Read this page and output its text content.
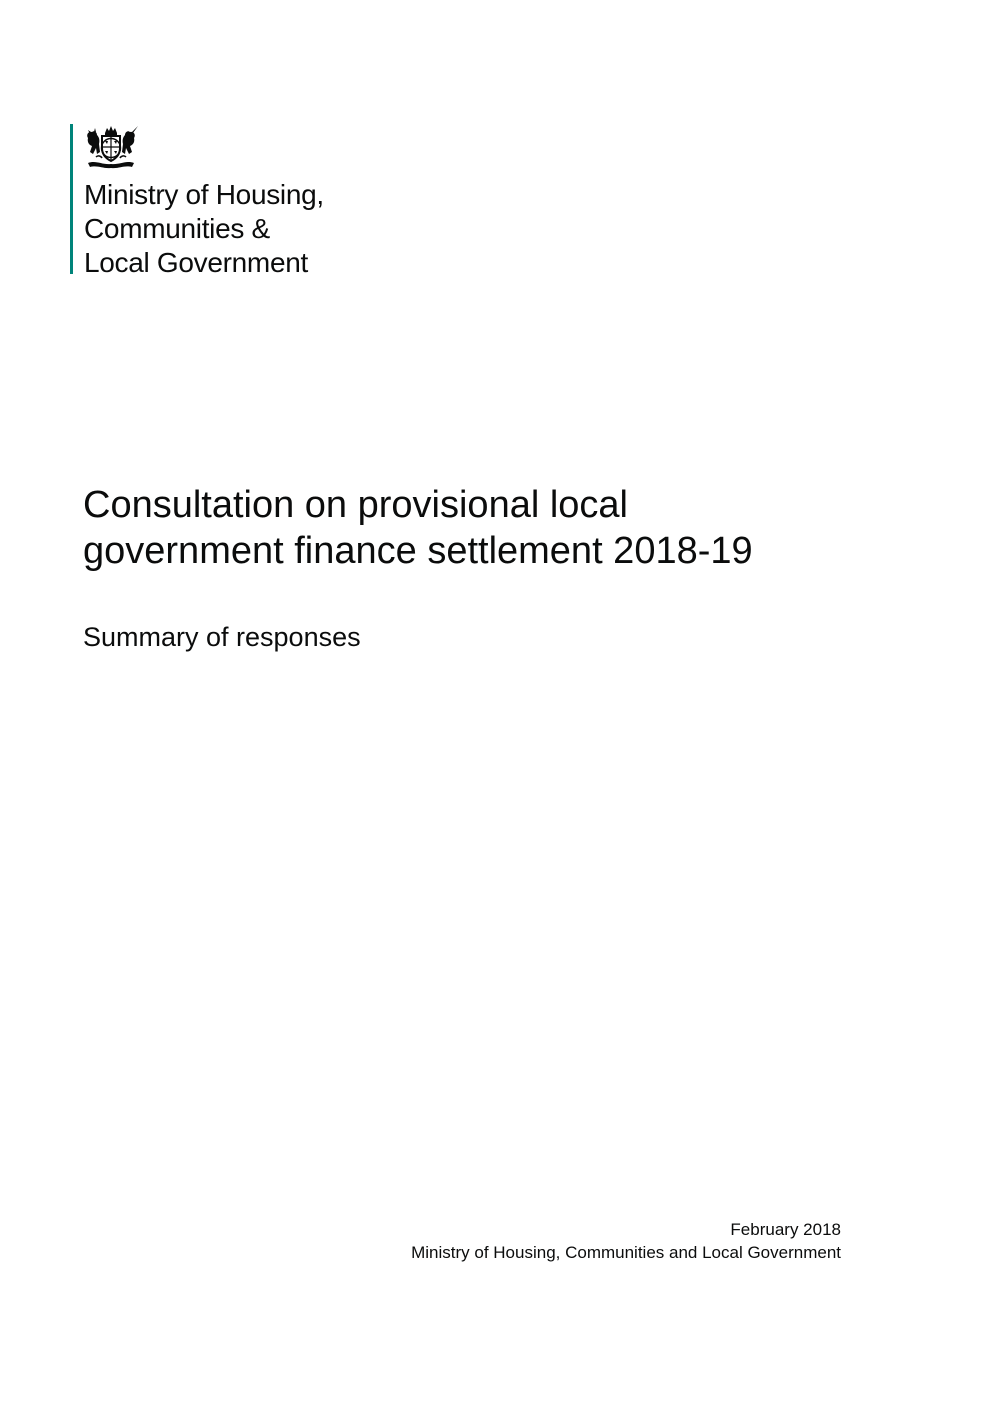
Ministry of Housing,
Communities &
Local Government
Consultation on provisional local
government finance settlement 2018-19
Summary of responses
February 2018
Ministry of Housing, Communities and Local Government
